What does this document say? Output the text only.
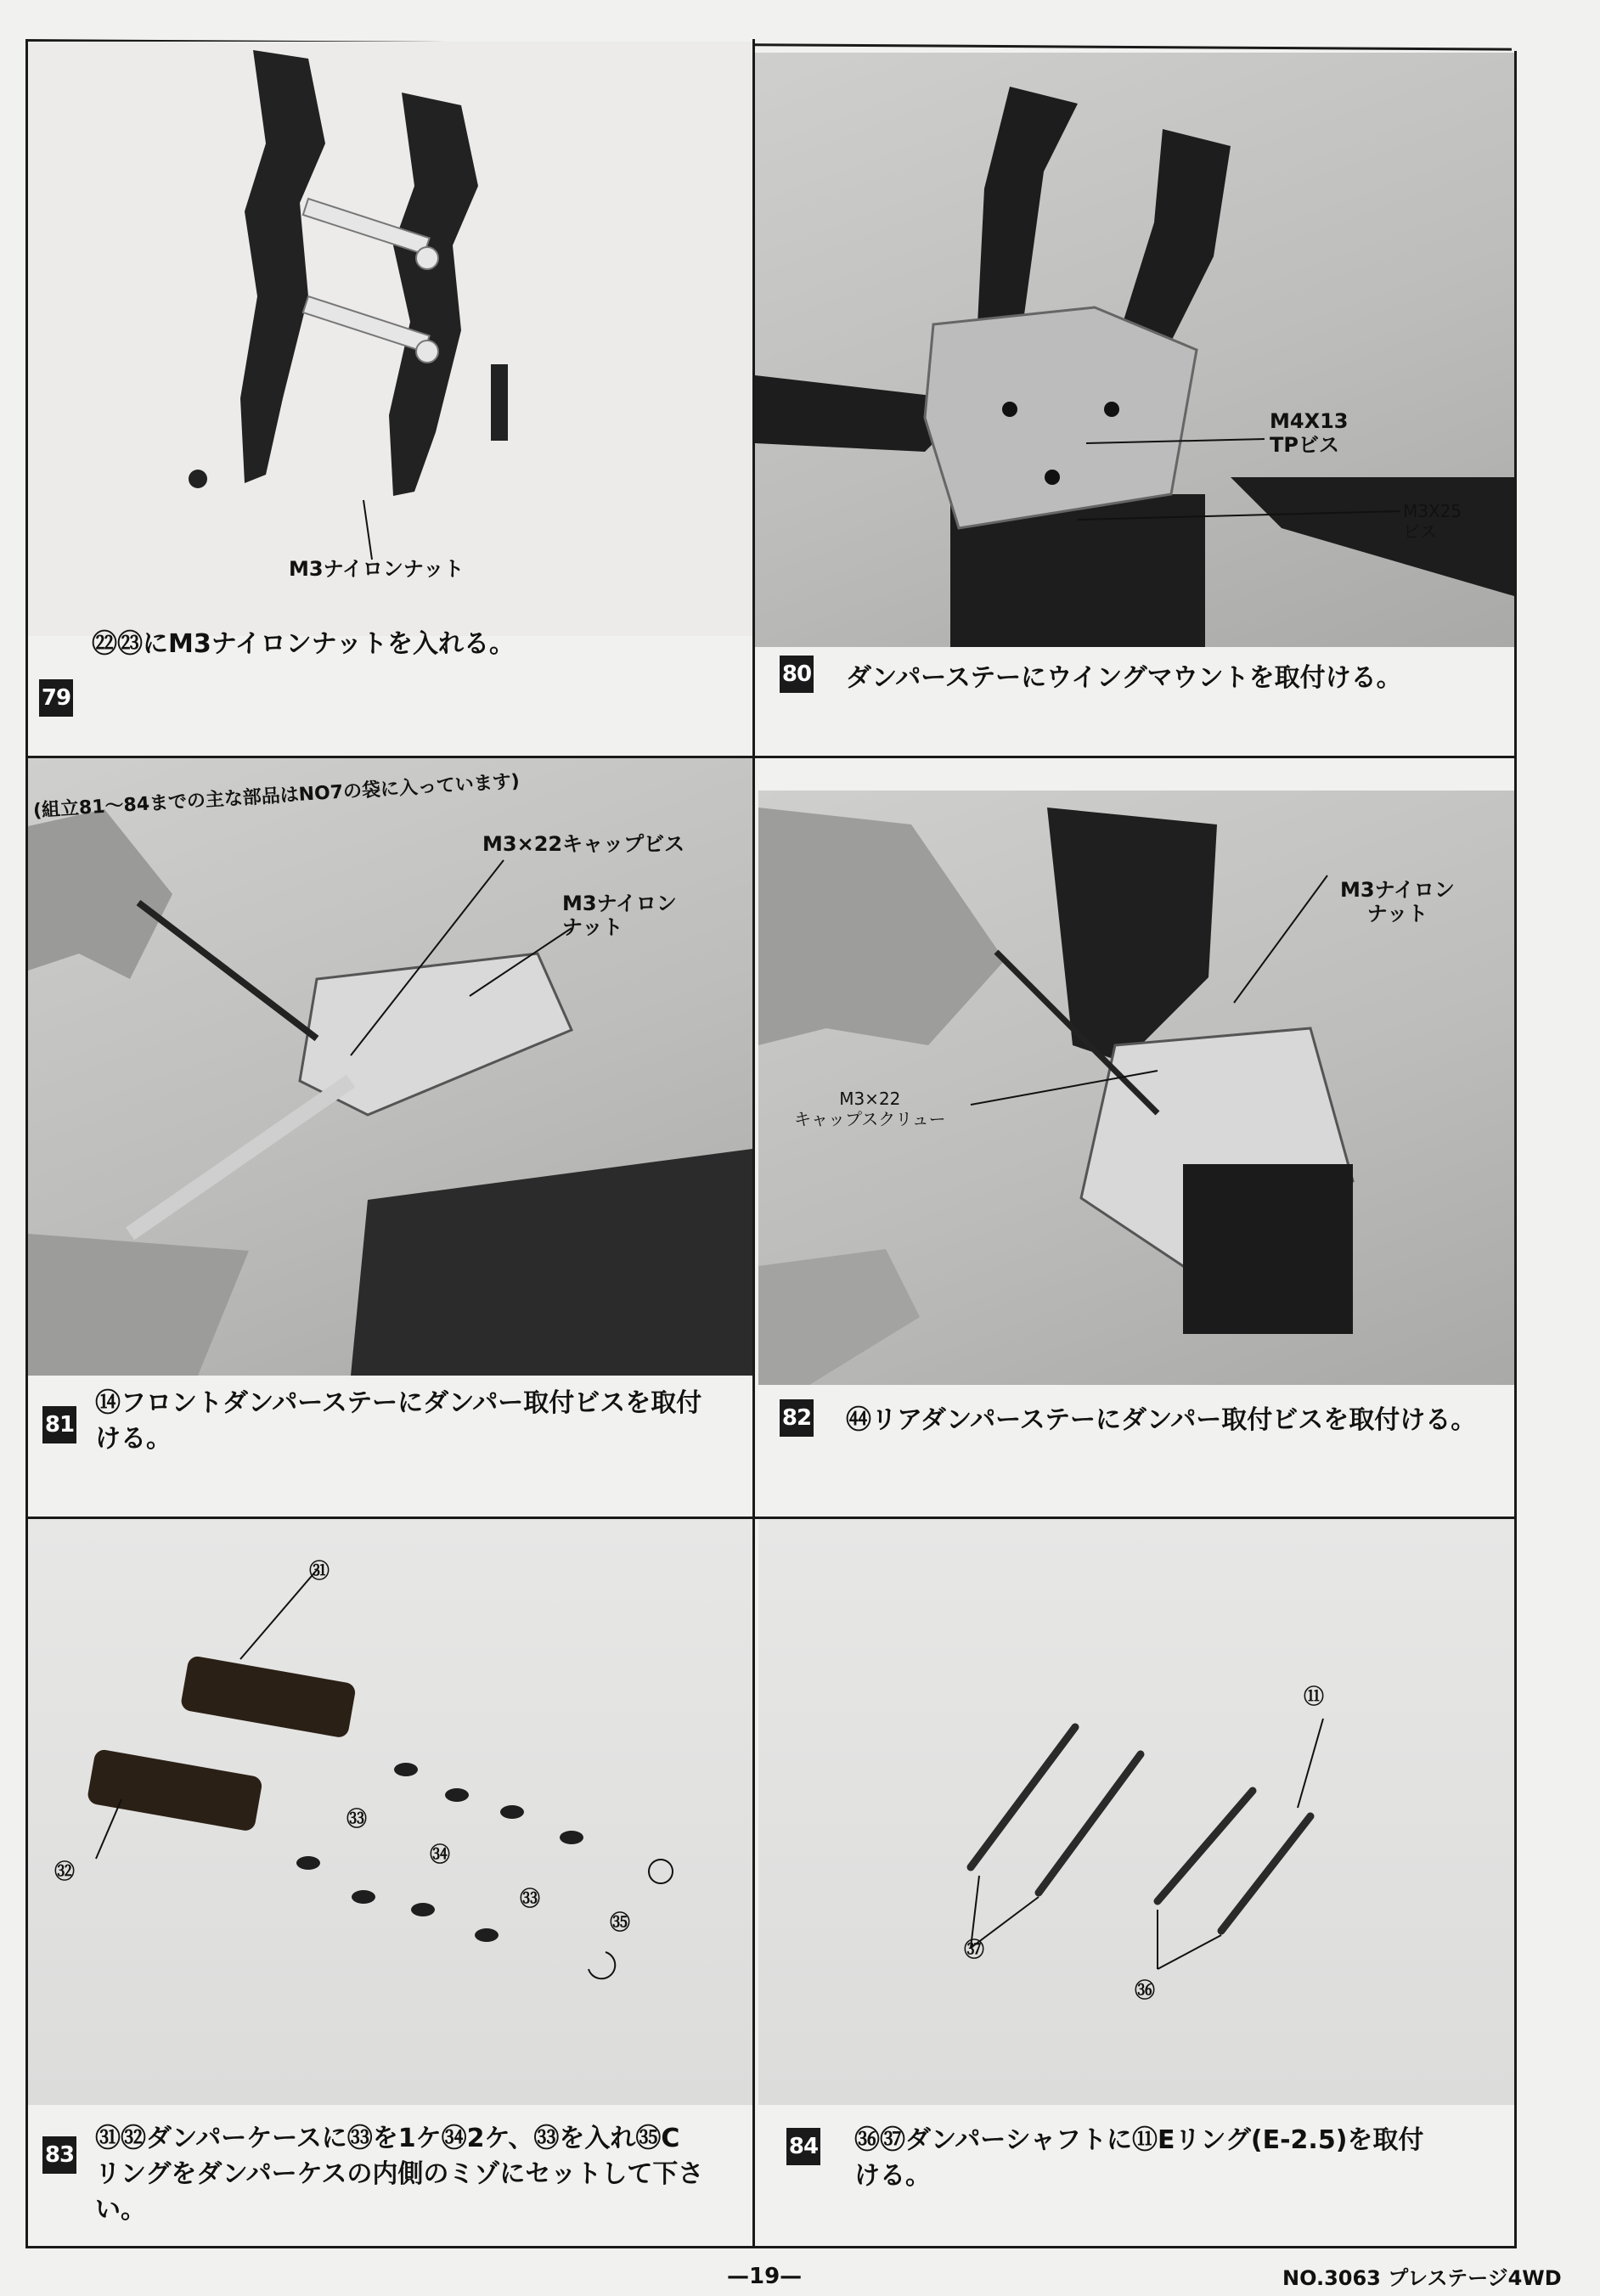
M3ナイロンナット
79
㉒㉓にM3ナイロンナットを入れる。
M4X13
TPビス
M3X25
ビス
80 ダンパーステーにウイングマウントを取付ける。
(組立81〜84までの主な部品はNO7の袋に入っています)
M3×22キャップビス
M3ナイロン
ナット
81
⑭フロントダンパーステーにダンパー取付ビスを取付
ける。
M3ナイロン
ナット
M3×22
キャップスクリュー
82 ㊹リアダンパーステーにダンパー取付ビスを取付ける。
㉛
㉜
㉝
㉞
㉝
㉟
83
㉛㉜ダンパーケースに㉝を1ケ㉞2ケ、㉝を入れ㉟C
リングをダンパーケスの内側のミゾにセットして下さ
い。
⑪
㊲
㊱
84 ㊱㊲ダンパーシャフトに⑪Eリング(E-2.5)を取付
ける。
—19—	NO.3063 プレステージ4WD
